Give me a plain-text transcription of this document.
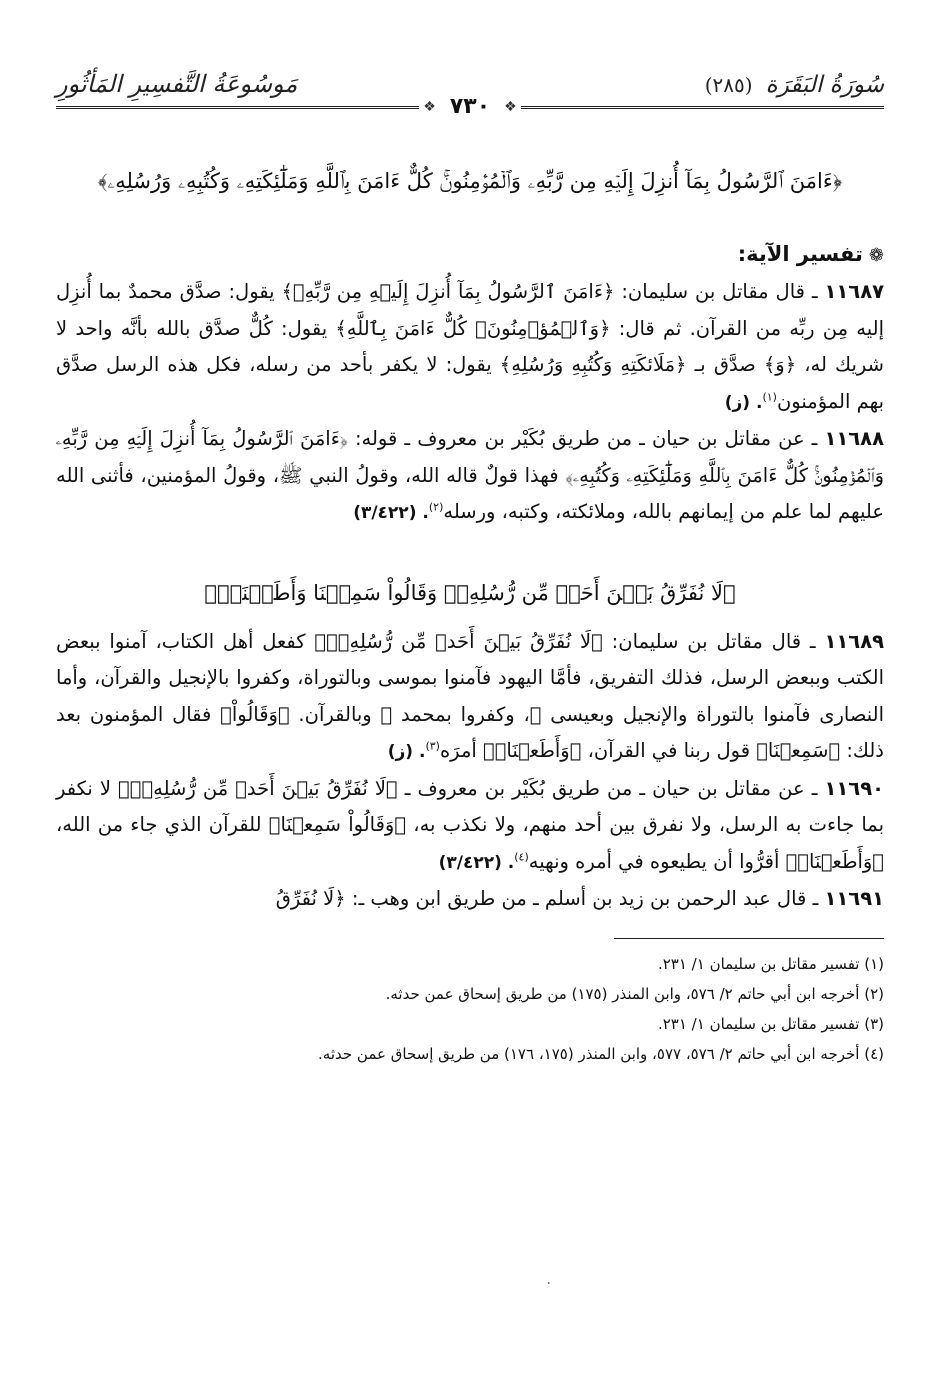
سُورَةُ البَقَرَة (٢٨٥)
مَوسُوعَةُ التَّفسِيرِ المَأثُورِ
❖ ٧٣٠	❖
﴿ءَامَنَ ٱلرَّسُولُ بِمَآ أُنزِلَ إِلَيۡهِ مِن رَّبِّهِۦ وَٱلۡمُؤۡمِنُونَۚ كُلٌّ ءَامَنَ بِٱللَّهِ وَمَلَٰٓئِكَتِهِۦ وَكُتُبِهِۦ وَرُسُلِهِۦ﴾
❁تفسير الآية:

١١٦٨٧ ـ قال مقاتل بن سليمان: ﴿ءَامَنَ ٱلرَّسُولُ بِمَآ أُنزِلَ إِلَيۡهِ مِن رَّبِّهِۦ﴾ يقول: صدَّق محمدٌ بما أُنزِل إليه مِن ربِّه من القرآن. ثم قال: ﴿وَٱلۡمُؤۡمِنُونَۚ كُلٌّ ءَامَنَ بِٱللَّهِ﴾ يقول: كُلٌّ صدَّق بالله بأنَّه واحد لا شريك له، ﴿وَ﴾ صدَّق بـ ﴿مَلَائكَتِهِ وَكُتُبِهِ وَرُسُلِهِ﴾ يقول: لا يكفر بأحد من رسله، فكل هذه الرسل صدَّق بهم المؤمنون$^{(١)}$. (ز)

١١٦٨٨ ـ عن مقاتل بن حيان ـ من طريق بُكَيْر بن معروف ـ قوله: ﴿ءَامَنَ ٱلرَّسُولُ بِمَآ أُنزِلَ إِلَيۡهِ مِن رَّبِّهِۦ وَٱلۡمُؤۡمِنُونَۚ كُلٌّ ءَامَنَ بِٱللَّهِ وَمَلَٰٓئِكَتِهِۦ وَكُتُبِهِۦ﴾ فهذا قولٌ قاله الله، وقولُ النبي ﷺ، وقولُ المؤمنين، فأثنى الله عليهم لما علم من إيمانهم بالله، وملائكته، وكتبه، ورسله$^{(٢)}$. (٣/٤٢٢)

﴿لَا نُفَرِّقُ بَيۡنَ أَحَدٖ مِّن رُّسُلِهِۦۚ وَقَالُواْ سَمِعۡنَا وَأَطَعۡنَاۖ﴾

١١٦٨٩ ـ قال مقاتل بن سليمان: ﴿لَا نُفَرِّقُ بَيۡنَ أَحَدٖ مِّن رُّسُلِهِۦۚ﴾ كفعل أهل الكتاب، آمنوا ببعض الكتب وببعض الرسل، فذلك التفريق، فأمَّا اليهود فآمنوا بموسى وبالتوراة، وكفروا بالإنجيل والقرآن، وأما النصارى فآمنوا بالتوراة والإنجيل وبعيسى ﷺ، وكفروا بمحمد ﷺ وبالقرآن. ﴿وَقَالُواْ﴾ فقال المؤمنون بعد ذلك: ﴿سَمِعۡنَا﴾ قول ربنا في القرآن، ﴿وَأَطَعۡنَاۖ﴾ أمرَه$^{(٣)}$. (ز)

١١٦٩٠ ـ عن مقاتل بن حيان ـ من طريق بُكَيْر بن معروف ـ ﴿لَا نُفَرِّقُ بَيۡنَ أَحَدٖ مِّن رُّسُلِهِۦۚ﴾ لا نكفر بما جاءت به الرسل، ولا نفرق بين أحد منهم، ولا نكذب به، ﴿وَقَالُواْ سَمِعۡنَا﴾ للقرآن الذي جاء من الله، ﴿وَأَطَعۡنَاۖ﴾ أقرُّوا أن يطيعوه في أمره ونهيه$^{(٤)}$. (٣/٤٢٢)

١١٦٩١ ـ قال عبد الرحمن بن زيد بن أسلم ـ من طريق ابن وهب ـ: ﴿لَا نُفَرِّقُ

(١) تفسير مقاتل بن سليمان ١/ ٢٣١.
(٢) أخرجه ابن أبي حاتم ٢/ ٥٧٦، وابن المنذر (١٧٥) من طريق إسحاق عمن حدثه.
(٣) تفسير مقاتل بن سليمان ١/ ٢٣١.
(٤) أخرجه ابن أبي حاتم ٢/ ٥٧٦، ٥٧٧، وابن المنذر (١٧٥، ١٧٦) من طريق إسحاق عمن حدثه.
٠
